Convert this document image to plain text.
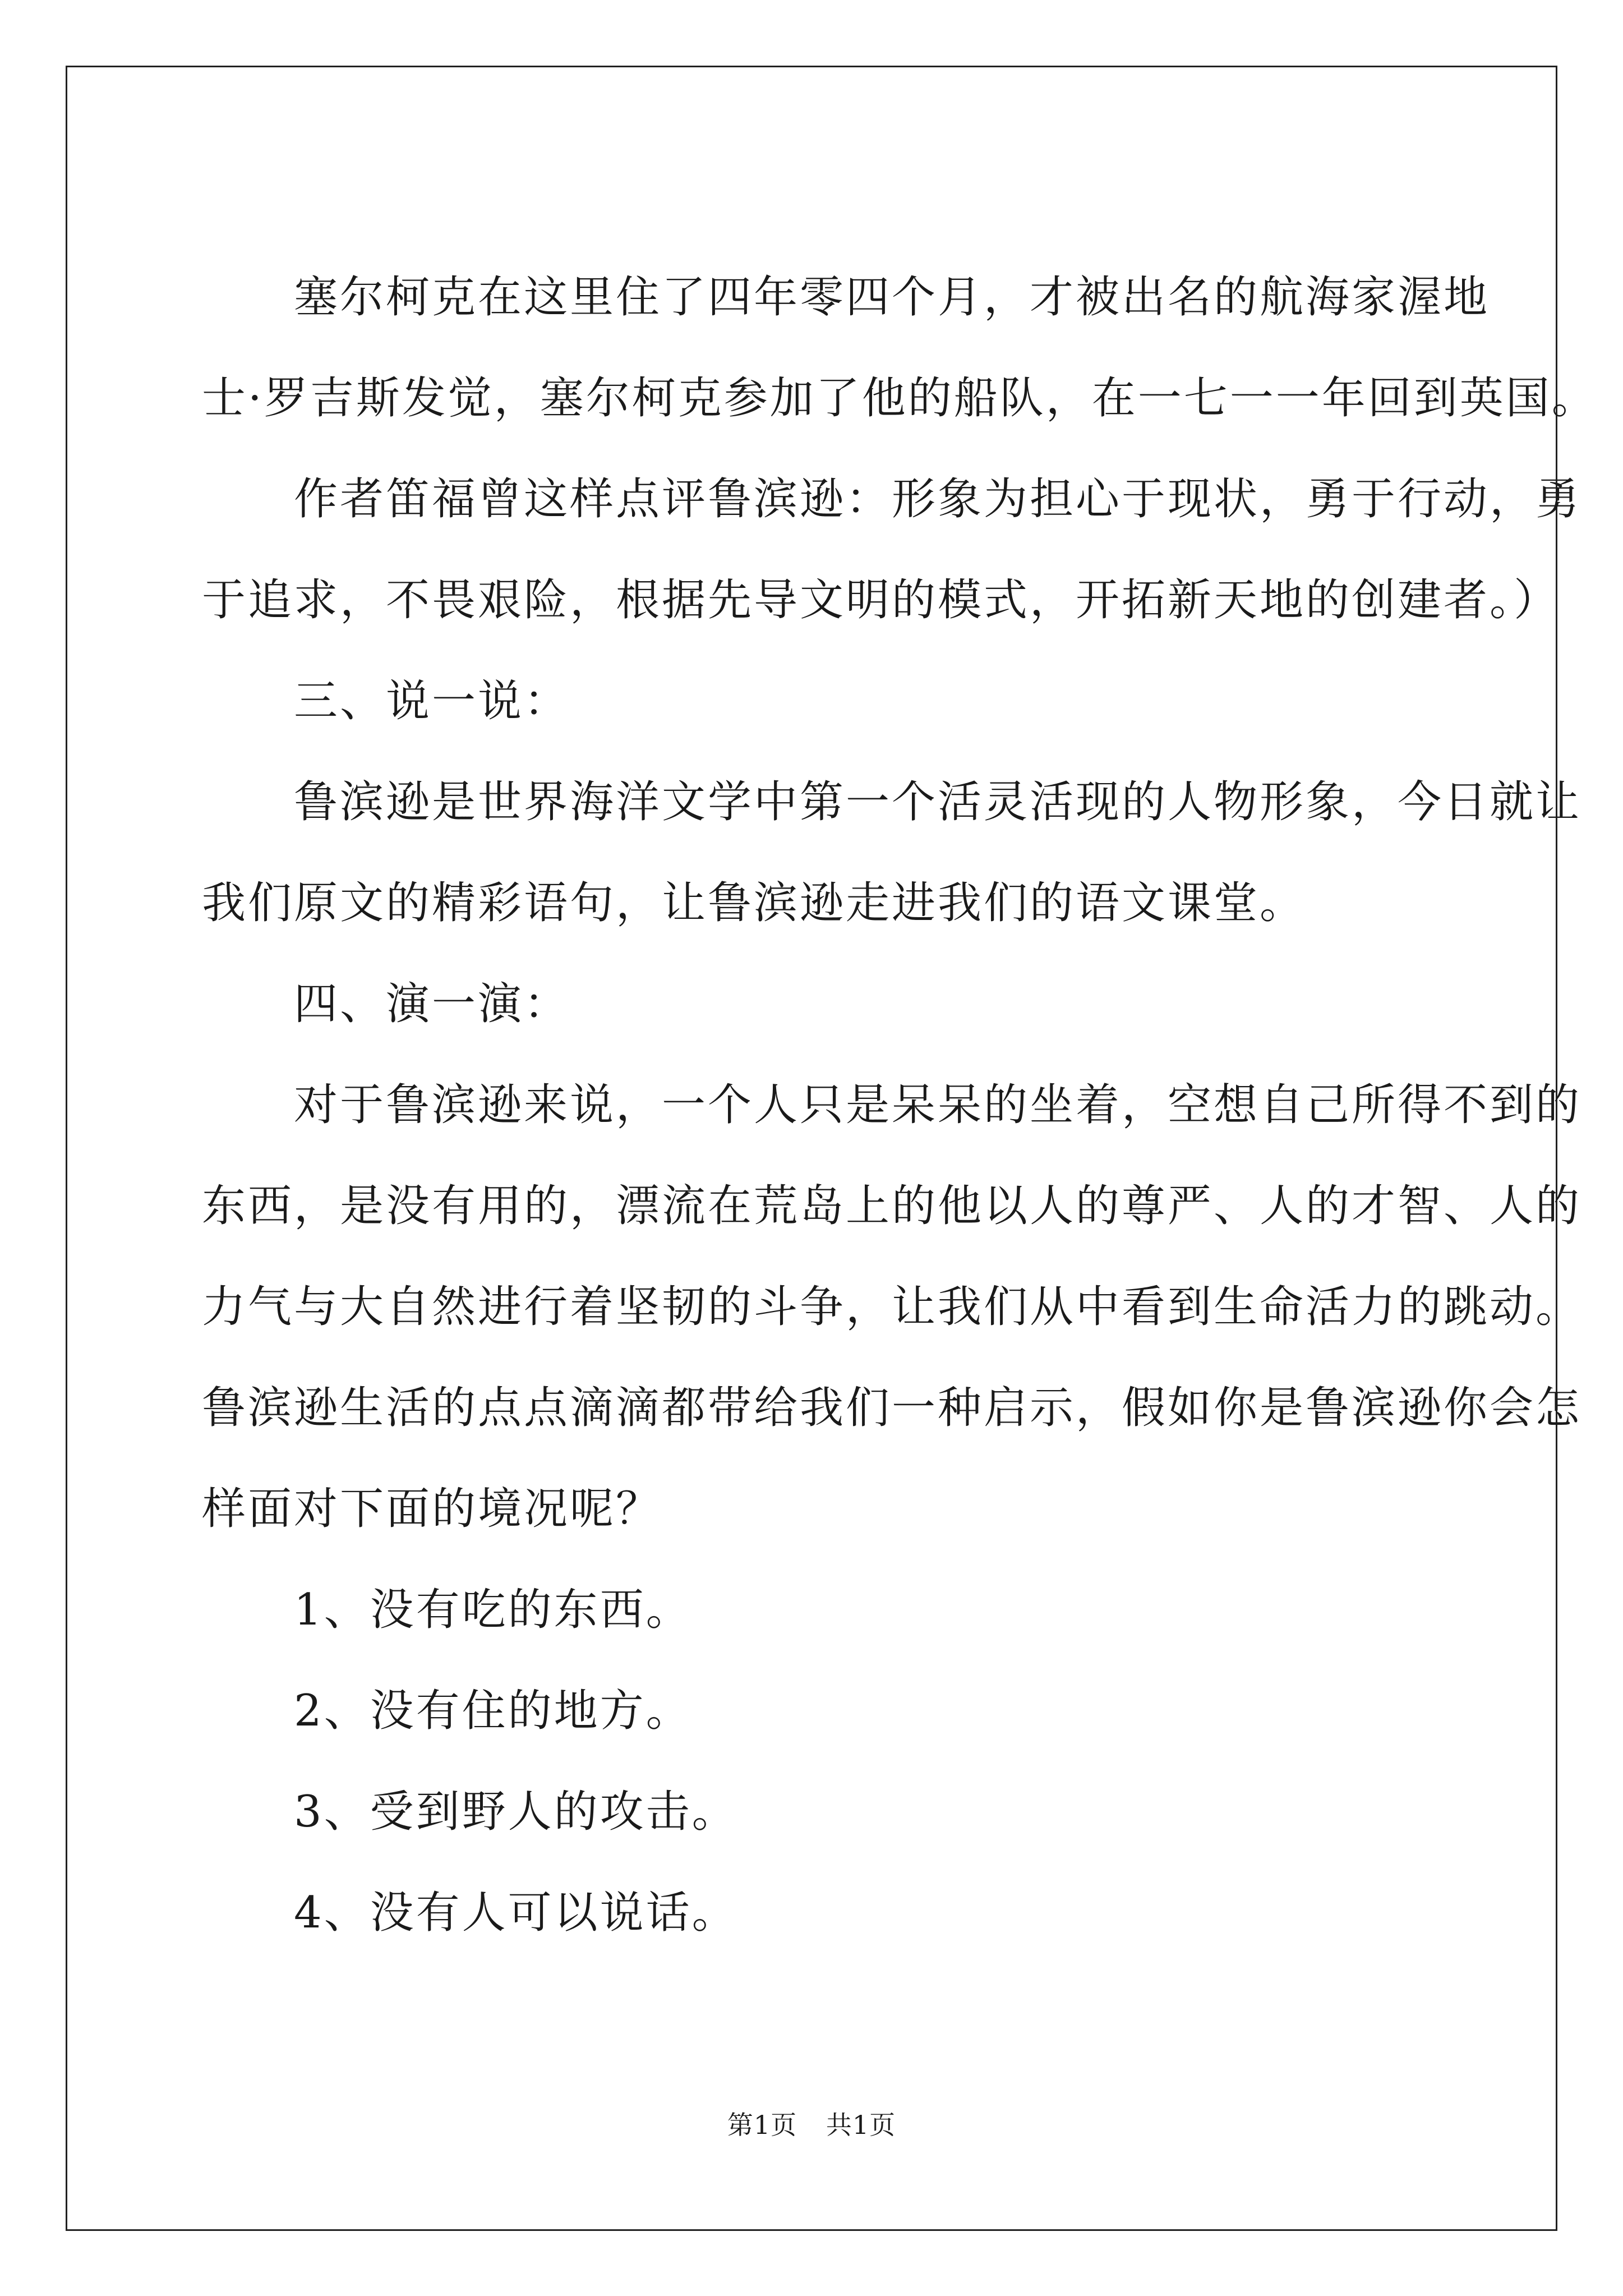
　　塞尔柯克在这里住了四年零四个月，才被出名的航海家渥地
士·罗吉斯发觉，塞尔柯克参加了他的船队，在一七一一年回到英国。
　　作者笛福曾这样点评鲁滨逊：形象为担心于现状，勇于行动，勇
于追求，不畏艰险，根据先导文明的模式，开拓新天地的创建者。）
　　三、说一说：
　　鲁滨逊是世界海洋文学中第一个活灵活现的人物形象，今日就让
我们原文的精彩语句，让鲁滨逊走进我们的语文课堂。
　　四、演一演：
　　对于鲁滨逊来说，一个人只是呆呆的坐着，空想自己所得不到的
东西，是没有用的，漂流在荒岛上的他以人的尊严、人的才智、人的
力气与大自然进行着坚韧的斗争，让我们从中看到生命活力的跳动。
鲁滨逊生活的点点滴滴都带给我们一种启示，假如你是鲁滨逊你会怎
样面对下面的境况呢？
　　1、没有吃的东西。
　　2、没有住的地方。
　　3、受到野人的攻击。
　　4、没有人可以说话。
第1页 共1页
